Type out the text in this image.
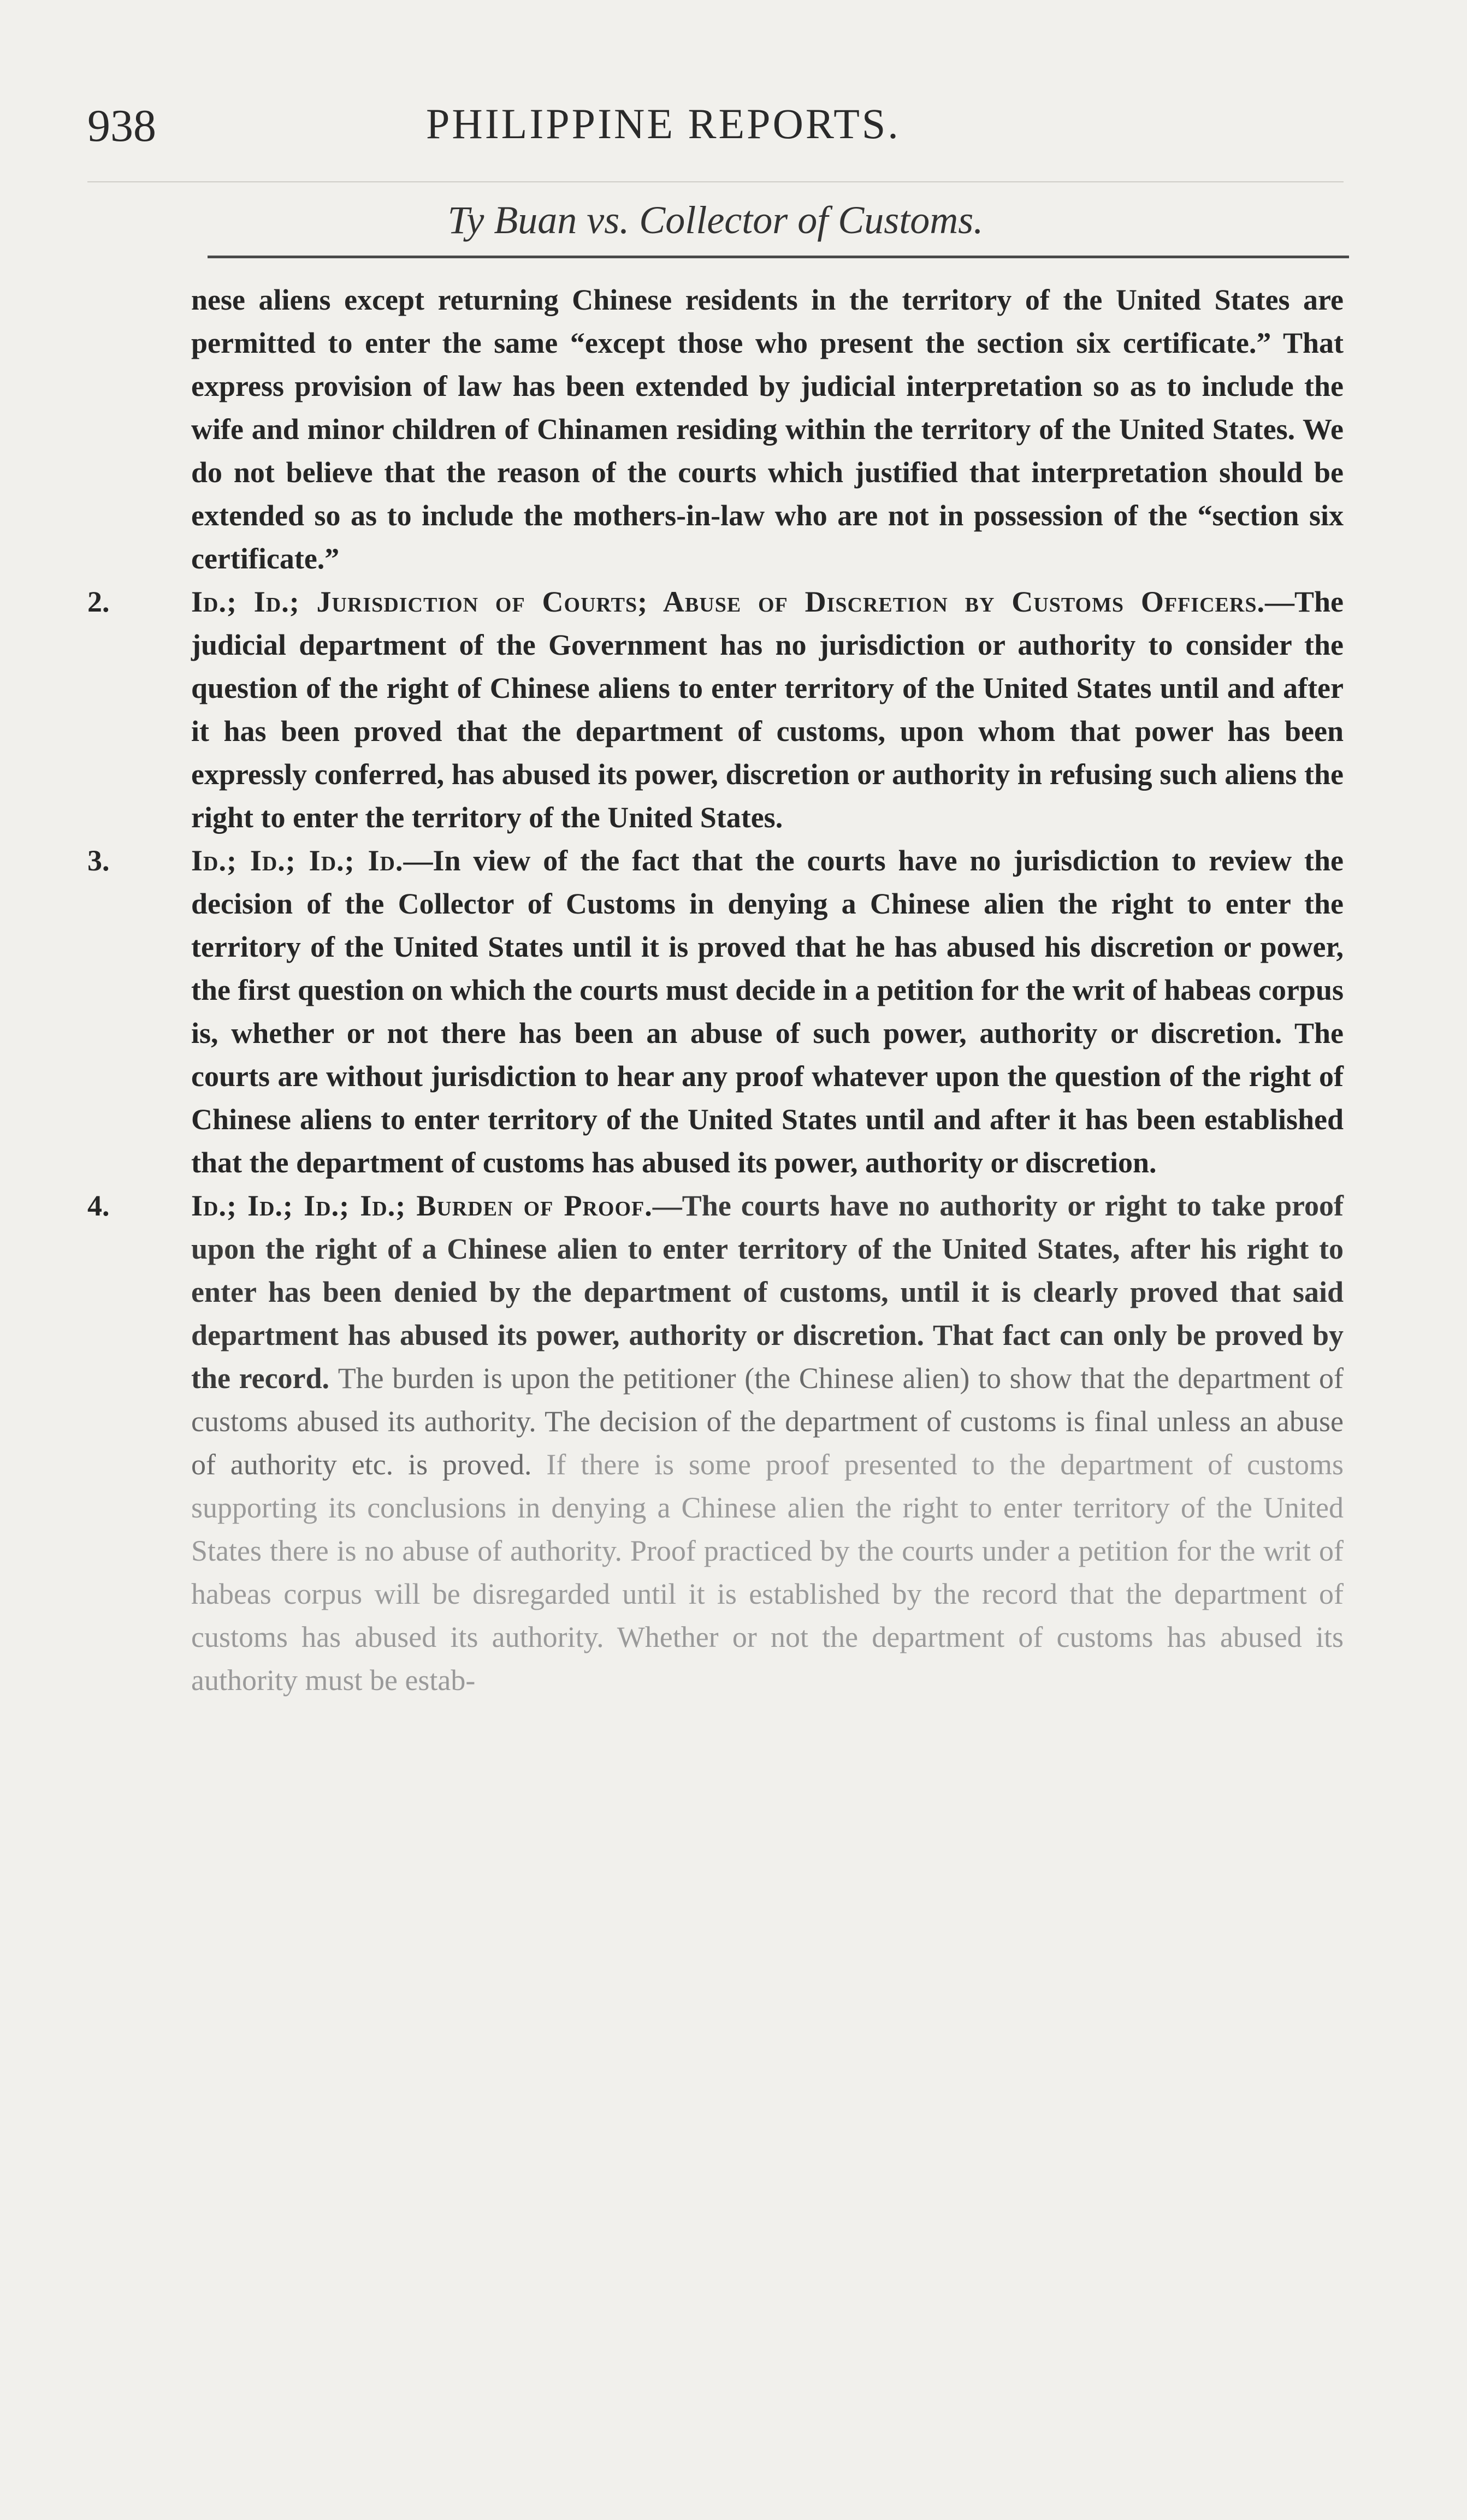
938	PHILIPPINE REPORTS.
Ty Buan vs. Collector of Customs.

nese aliens except returning Chinese residents in the territory of the United States are permitted to enter the same “except those who present the section six certificate.” That express provision of law has been extended by judicial interpretation so as to include the wife and minor children of Chinamen residing within the territory of the United States. We do not believe that the reason of the courts which justified that interpretation should be extended so as to include the mothers-in-law who are not in possession of the “section six certificate.”

2.	Id.; Id.; Jurisdiction of Courts; Abuse of Discretion by Customs Officers.—The judicial department of the Government has no jurisdiction or authority to consider the question of the right of Chinese aliens to enter territory of the United States until and after it has been proved that the department of customs, upon whom that power has been expressly conferred, has abused its power, discretion or authority in refusing such aliens the right to enter the territory of the United States.

3.	Id.; Id.; Id.; Id.—In view of the fact that the courts have no jurisdiction to review the decision of the Collector of Customs in denying a Chinese alien the right to enter the territory of the United States until it is proved that he has abused his discretion or power, the first question on which the courts must decide in a petition for the writ of habeas corpus is, whether or not there has been an abuse of such power, authority or discretion. The courts are without jurisdiction to hear any proof whatever upon the question of the right of Chinese aliens to enter territory of the United States until and after it has been established that the department of customs has abused its power, authority or discretion.

4.	Id.; Id.; Id.; Id.; Burden of Proof.—The courts have no authority or right to take proof upon the right of a Chinese alien to enter territory of the United States, after his right to enter has been denied by the department of customs, until it is clearly proved that said department has abused its power, authority or discretion. That fact can only be proved by the record. The burden is upon the petitioner (the Chinese alien) to show that the department of customs abused its authority. The decision of the department of customs is final unless an abuse of authority etc. is proved. If there is some proof presented to the department of customs supporting its conclusions in denying a Chinese alien the right to enter territory of the United States there is no abuse of authority. Proof practiced by the courts under a petition for the writ of habeas corpus will be disregarded until it is established by the record that the department of customs has abused its authority. Whether or not the department of customs has abused its authority must be estab-
